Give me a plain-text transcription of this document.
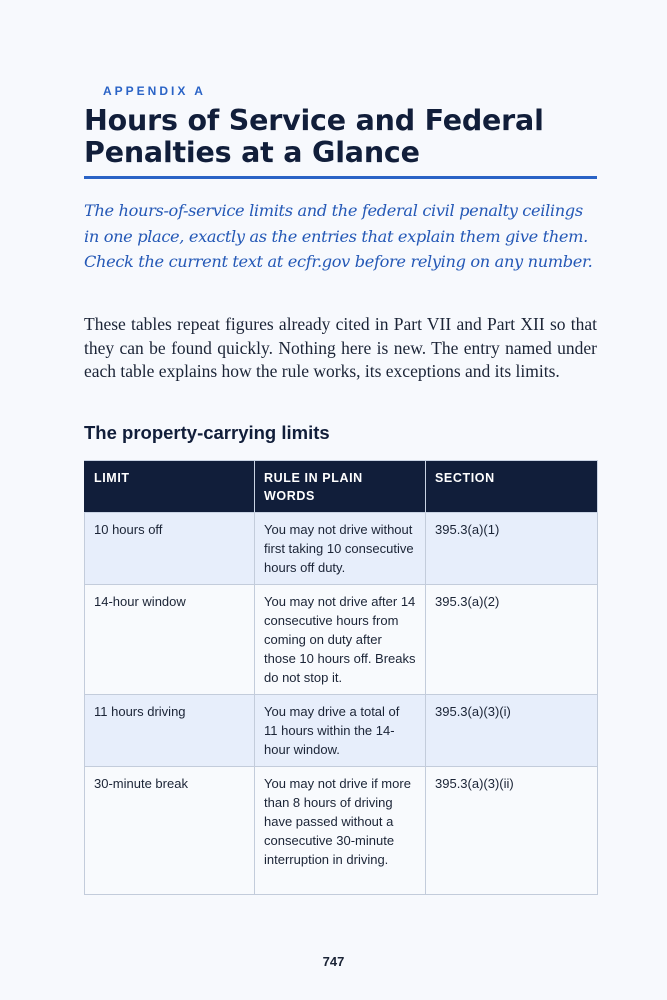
APPENDIX A
Hours of Service and Federal Penalties at a Glance

The hours-of-service limits and the federal civil penalty ceilings in one place, exactly as the entries that explain them give them. Check the current text at ecfr.gov before relying on any number.

These tables repeat figures already cited in Part VII and Part XII so that they can be found quickly. Nothing here is new. The entry named under each table explains how the rule works, its exceptions and its limits.

The property-carrying limits
LIMIT	RULE IN PLAIN WORDS	SECTION
10 hours off	You may not drive without first taking 10 consecutive hours off duty.	395.3(a)(1)
14-hour window	You may not drive after 14 consecutive hours from coming on duty after those 10 hours off. Breaks do not stop it.	395.3(a)(2)
11 hours driving	You may drive a total of 11 hours within the 14-hour window.	395.3(a)(3)(i)
30-minute break	You may not drive if more than 8 hours of driving have passed without a consecutive 30-minute interruption in driving.	395.3(a)(3)(ii)
747
